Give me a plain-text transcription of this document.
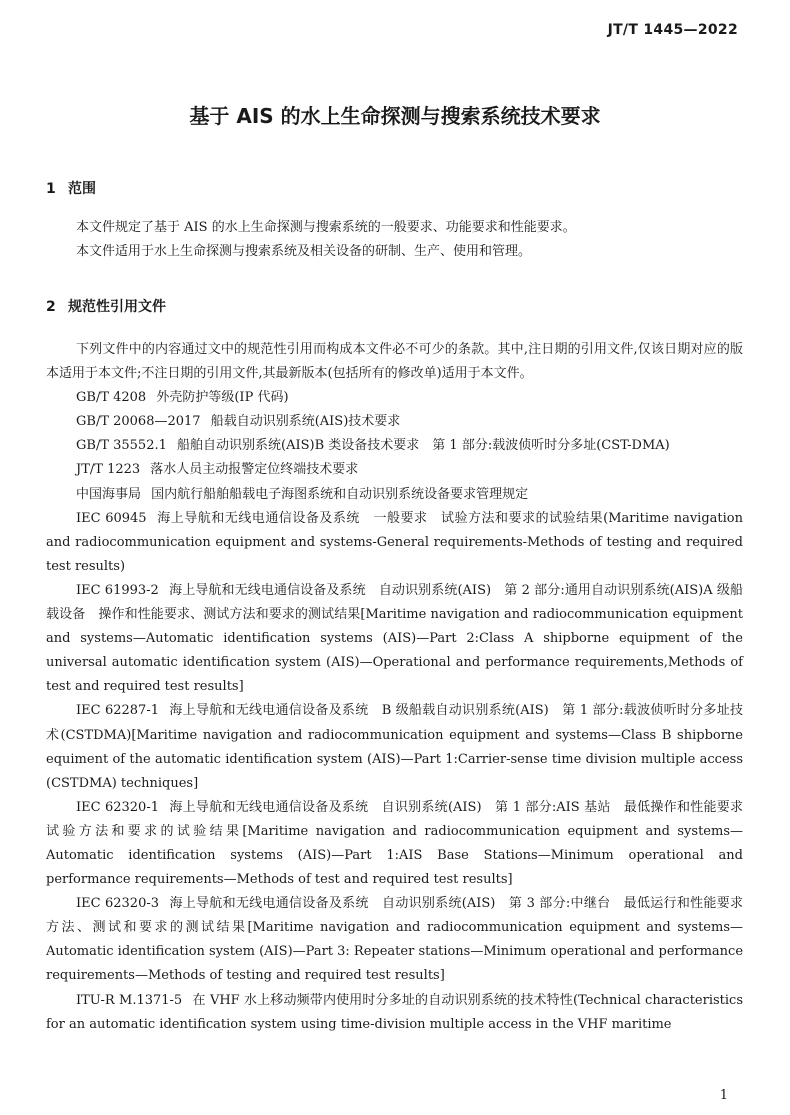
JT/T 1445—2022
基于 AIS 的水上生命探测与搜索系统技术要求
1 范围

本文件规定了基于 AIS 的水上生命探测与搜索系统的一般要求、功能要求和性能要求。

本文件适用于水上生命探测与搜索系统及相关设备的研制、生产、使用和管理。

2 规范性引用文件

下列文件中的内容通过文中的规范性引用而构成本文件必不可少的条款。其中,注日期的引用文件,仅该日期对应的版本适用于本文件;不注日期的引用文件,其最新版本(包括所有的修改单)适用于本文件。

GB/T 4208 外壳防护等级(IP 代码)

GB/T 20068—2017 船载自动识别系统(AIS)技术要求

GB/T 35552.1 船舶自动识别系统(AIS)B 类设备技术要求　第 1 部分:载波侦听时分多址(CST-DMA)

JT/T 1223 落水人员主动报警定位终端技术要求

中国海事局 国内航行船舶船载电子海图系统和自动识别系统设备要求管理规定

IEC 60945 海上导航和无线电通信设备及系统　一般要求　试验方法和要求的试验结果(Maritime navigation and radiocommunication equipment and systems-General requirements-Methods of testing and required test results)

IEC 61993-2 海上导航和无线电通信设备及系统　自动识别系统(AIS)　第 2 部分:通用自动识别系统(AIS)A 级船载设备　操作和性能要求、测试方法和要求的测试结果[Maritime navigation and radiocommunication equipment and systems—Automatic identification systems (AIS)—Part 2:Class A shipborne equipment of the universal automatic identification system (AIS)—Operational and performance requirements,Methods of test and required test results]

IEC 62287-1 海上导航和无线电通信设备及系统　B 级船载自动识别系统(AIS)　第 1 部分:载波侦听时分多址技术(CSTDMA)[Maritime navigation and radiocommunication equipment and systems—Class B shipborne equiment of the automatic identification system (AIS)—Part 1:Carrier-sense time division multiple access (CSTDMA) techniques]

IEC 62320-1 海上导航和无线电通信设备及系统　自识别系统(AIS)　第 1 部分:AIS 基站　最低操作和性能要求　试验方法和要求的试验结果[Maritime navigation and radiocommunication equipment and systems—Automatic identification systems (AIS)—Part 1:AIS Base Stations—Minimum operational and performance requirements—Methods of test and required test results]

IEC 62320-3 海上导航和无线电通信设备及系统　自动识别系统(AIS)　第 3 部分:中继台　最低运行和性能要求　方法、测试和要求的测试结果[Maritime navigation and radiocommunication equipment and systems—Automatic identification system (AIS)—Part 3: Repeater stations—Minimum operational and performance requirements—Methods of testing and required test results]

ITU-R M.1371-5 在 VHF 水上移动频带内使用时分多址的自动识别系统的技术特性(Technical characteristics for an automatic identification system using time-division multiple access in the VHF maritime

1
